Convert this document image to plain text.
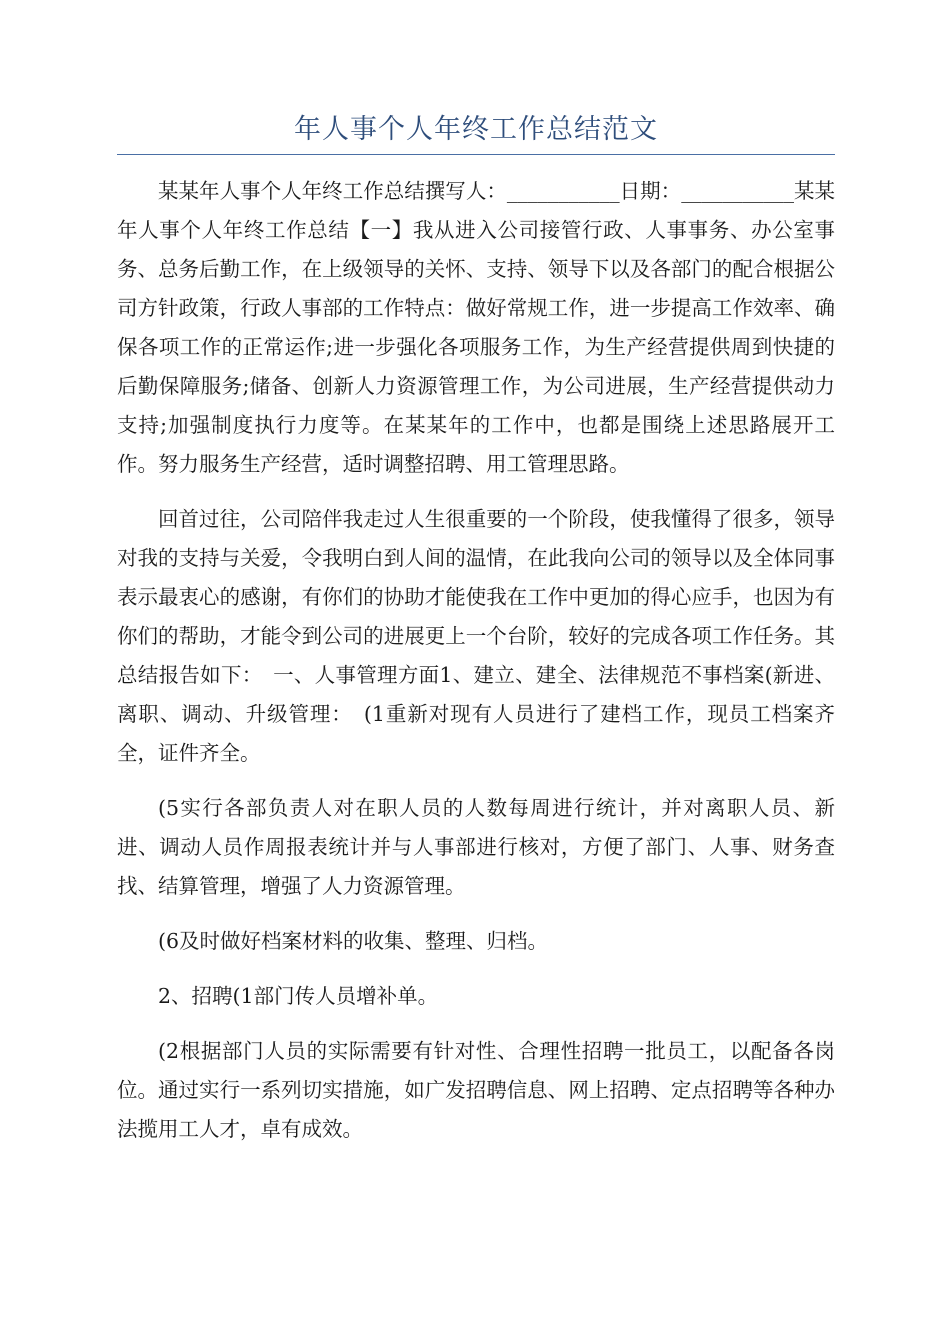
年人事个人年终工作总结范文

某某年人事个人年终工作总结撰写人：___________日期：___________某某年人事个人年终工作总结【一】我从进入公司接管行政、人事事务、办公室事务、总务后勤工作，在上级领导的关怀、支持、领导下以及各部门的配合根据公司方针政策，行政人事部的工作特点：做好常规工作，进一步提高工作效率、确保各项工作的正常运作;进一步强化各项服务工作，为生产经营提供周到快捷的后勤保障服务;储备、创新人力资源管理工作，为公司进展，生产经营提供动力支持;加强制度执行力度等。在某某年的工作中，也都是围绕上述思路展开工作。努力服务生产经营，适时调整招聘、用工管理思路。

回首过往，公司陪伴我走过人生很重要的一个阶段，使我懂得了很多，领导对我的支持与关爱，令我明白到人间的温情，在此我向公司的领导以及全体同事表示最衷心的感谢，有你们的协助才能使我在工作中更加的得心应手，也因为有你们的帮助，才能令到公司的进展更上一个台阶，较好的完成各项工作任务。其总结报告如下：　一、人事管理方面1、建立、建全、法律规范不事档案(新进、离职、调动、升级管理：　(1重新对现有人员进行了建档工作，现员工档案齐全，证件齐全。

(5实行各部负责人对在职人员的人数每周进行统计，并对离职人员、新进、调动人员作周报表统计并与人事部进行核对，方便了部门、人事、财务查找、结算管理，增强了人力资源管理。

(6及时做好档案材料的收集、整理、归档。

2、招聘(1部门传人员增补单。

(2根据部门人员的实际需要有针对性、合理性招聘一批员工，以配备各岗位。通过实行一系列切实措施，如广发招聘信息、网上招聘、定点招聘等各种办法揽用工人才，卓有成效。
